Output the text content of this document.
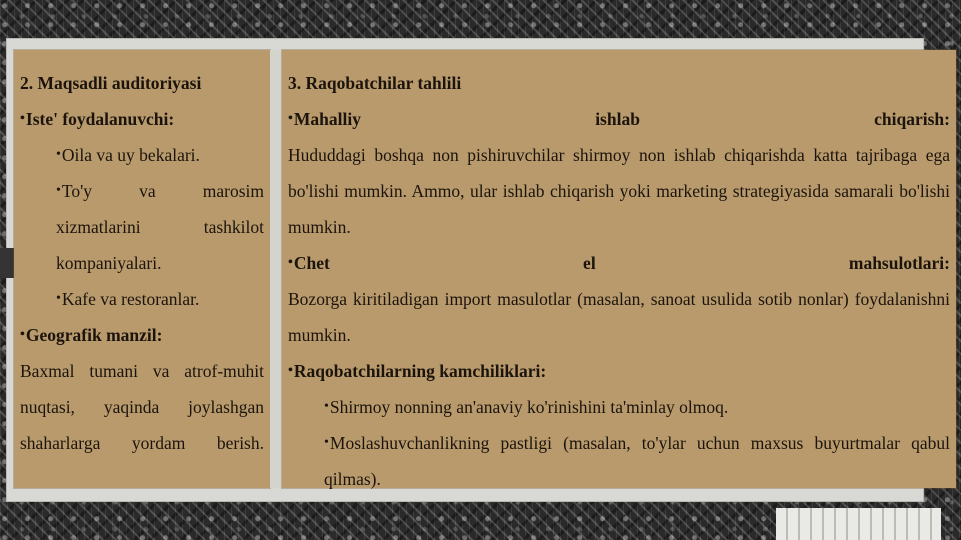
2. Maqsadli auditoriyasi

•Iste' foydalanuvchi:

•Oila va uy bekalari.

•To'y va marosim xizmatlarini tashkilot kompaniyalari.

•Kafe va restoranlar.

•Geografik manzil:

Baxmal tumani va atrof-muhit nuqtasi, yaqinda joylashgan shaharlarga yordam berish.

3. Raqobatchilar tahlili

•Mahalliy ishlab chiqarish:

Hududdagi boshqa non pishiruvchilar shirmoy non ishlab chiqarishda katta tajribaga ega bo'lishi mumkin. Ammo, ular ishlab chiqarish yoki marketing strategiyasida samarali bo'lishi mumkin.

•Chet el mahsulotlari:

Bozorga kiritiladigan import masulotlar (masalan, sanoat usulida sotib nonlar) foydalanishni mumkin.

•Raqobatchilarning kamchiliklari:

•Shirmoy nonning an'anaviy ko'rinishini ta'minlay olmoq.

•Moslashuvchanlikning pastligi (masalan, to'ylar uchun maxsus buyurtmalar qabul qilmas).
